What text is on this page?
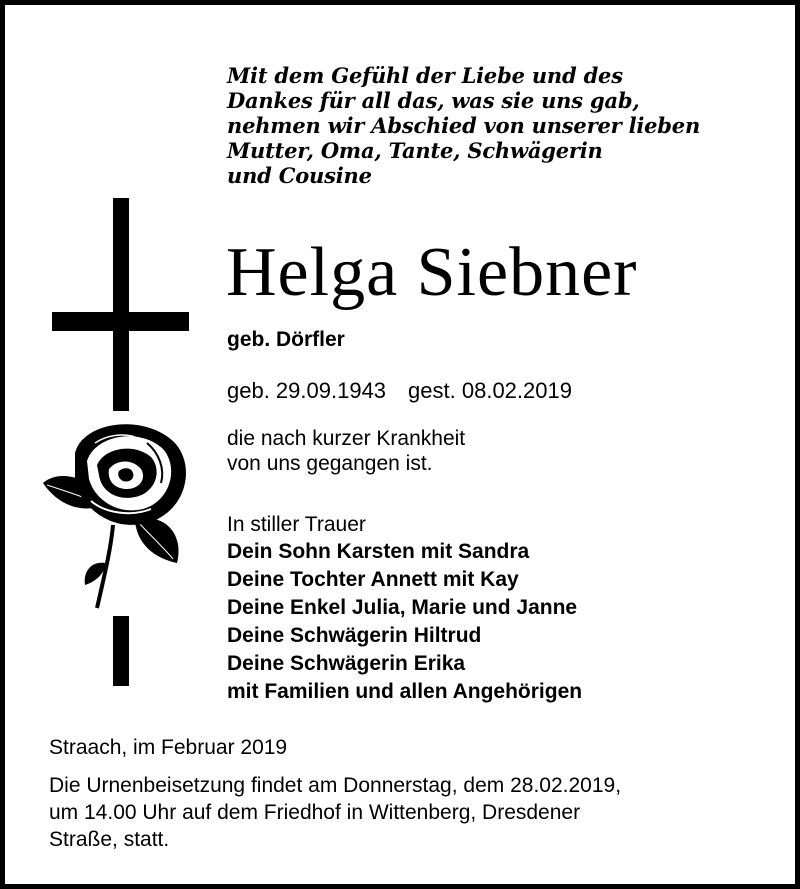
Mit dem Gefühl der Liebe und des
Dankes für all das, was sie uns gab,
nehmen wir Abschied von unserer lieben
Mutter, Oma, Tante, Schwägerin
und Cousine
Helga Siebner
geb. Dörfler
geb. 29.09.1943 gest. 08.02.2019
die nach kurzer Krankheit
von uns gegangen ist.
In stiller Trauer
Dein Sohn Karsten mit Sandra
Deine Tochter Annett mit Kay
Deine Enkel Julia, Marie und Janne
Deine Schwägerin Hiltrud
Deine Schwägerin Erika
mit Familien und allen Angehörigen
Straach, im Februar 2019
Die Urnenbeisetzung findet am Donnerstag, dem 28.02.2019,
um 14.00 Uhr auf dem Friedhof in Wittenberg, Dresdener
Straße, statt.
